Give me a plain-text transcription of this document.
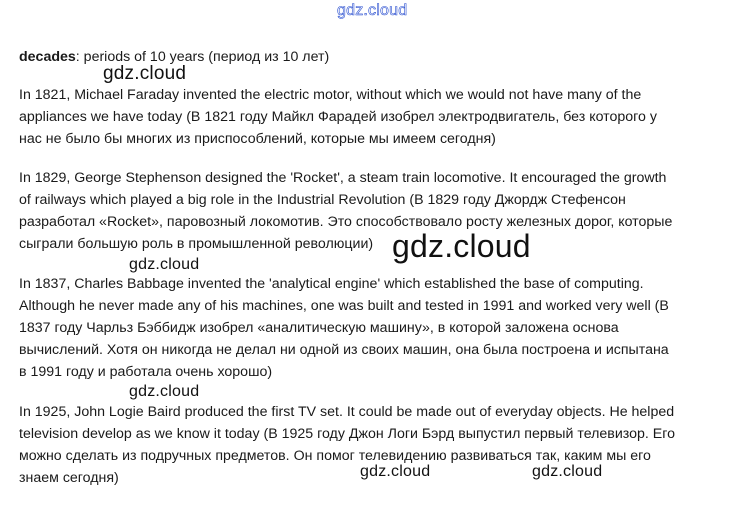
gdz.cloud

decades: periods of 10 years (период из 10 лет)

In 1821, Michael Faraday invented the electric motor, without which we would not have many of the
appliances we have today (В 1821 году Майкл Фарадей изобрел электродвигатель, без которого у
нас не было бы многих из приспособлений, которые мы имеем сегодня)

In 1829, George Stephenson designed the 'Rocket', a steam train locomotive. It encouraged the growth
of railways which played a big role in the Industrial Revolution (В 1829 году Джордж Стефенсон
разработал «Rocket», паровозный локомотив. Это способствовало росту железных дорог, которые
сыграли большую роль в промышленной революции)

In 1837, Charles Babbage invented the 'analytical engine' which established the base of computing.
Although he never made any of his machines, one was built and tested in 1991 and worked very well (В
1837 году Чарльз Бэббидж изобрел «аналитическую машину», в которой заложена основа
вычислений. Хотя он никогда не делал ни одной из своих машин, она была построена и испытана
в 1991 году и работала очень хорошо)

In 1925, John Logie Baird produced the first TV set. It could be made out of everyday objects. He helped
television develop as we know it today (В 1925 году Джон Логи Бэрд выпустил первый телевизор. Его
можно сделать из подручных предметов. Он помог телевидению развиваться так, каким мы его
знаем сегодня)

gdz.cloud
gdz.cloud
gdz.cloud
gdz.cloud
gdz.cloud	gdz.cloud
